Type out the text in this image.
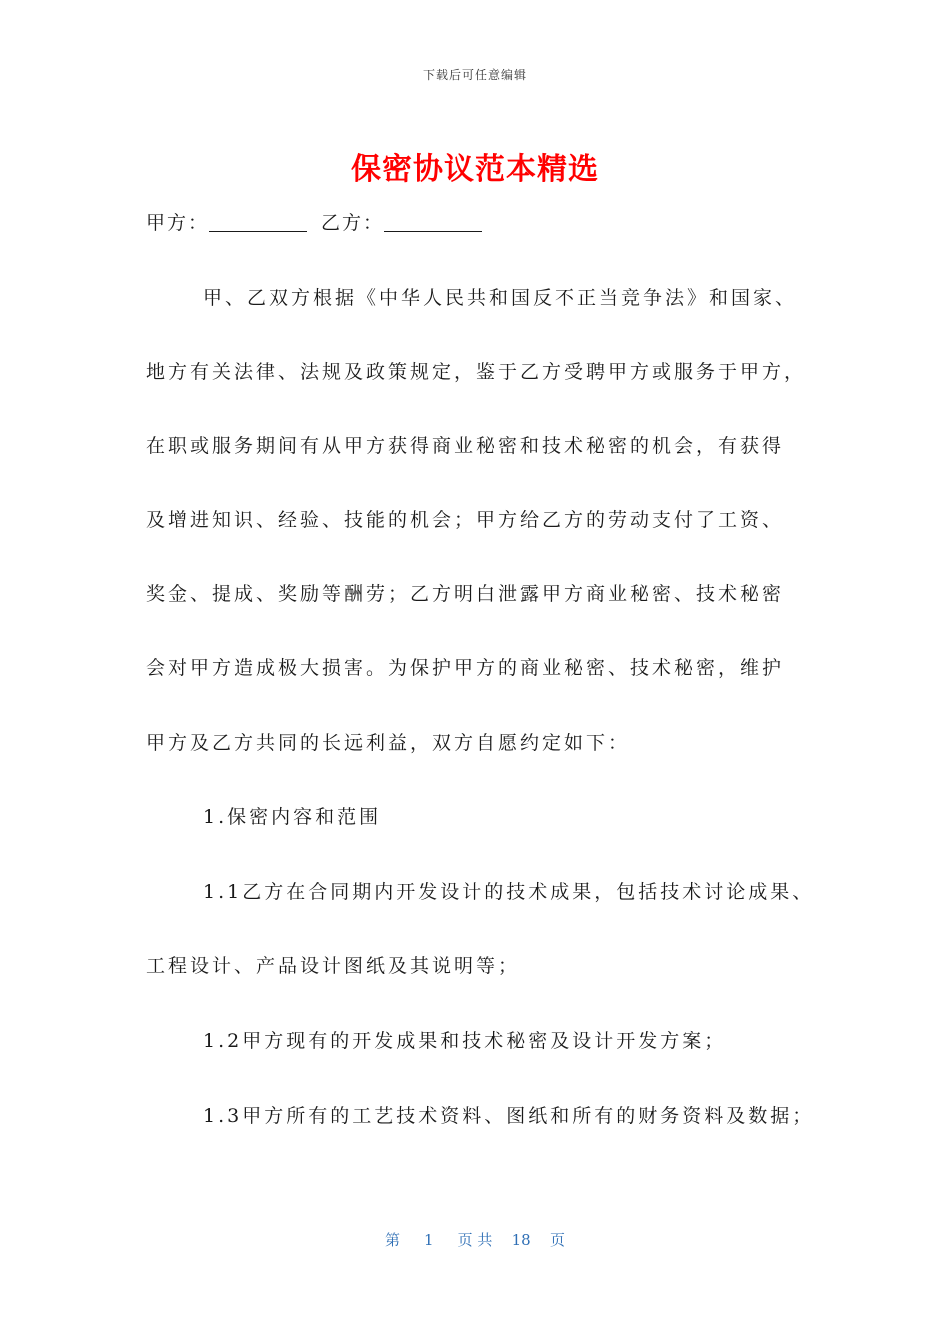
下载后可任意编辑
保密协议范本精选
甲方：	乙方：
甲、乙双方根据《中华人民共和国反不正当竞争法》和国家、
地方有关法律、法规及政策规定，鉴于乙方受聘甲方或服务于甲方，
在职或服务期间有从甲方获得商业秘密和技术秘密的机会，有获得
及增进知识、经验、技能的机会；甲方给乙方的劳动支付了工资、
奖金、提成、奖励等酬劳；乙方明白泄露甲方商业秘密、技术秘密
会对甲方造成极大损害。为保护甲方的商业秘密、技术秘密，维护
甲方及乙方共同的长远利益，双方自愿约定如下：
1.保密内容和范围
1.1乙方在合同期内开发设计的技术成果，包括技术讨论成果、
工程设计、产品设计图纸及其说明等；
1.2甲方现有的开发成果和技术秘密及设计开发方案；
1.3甲方所有的工艺技术资料、图纸和所有的财务资料及数据；
第 1 页 共 18 页
